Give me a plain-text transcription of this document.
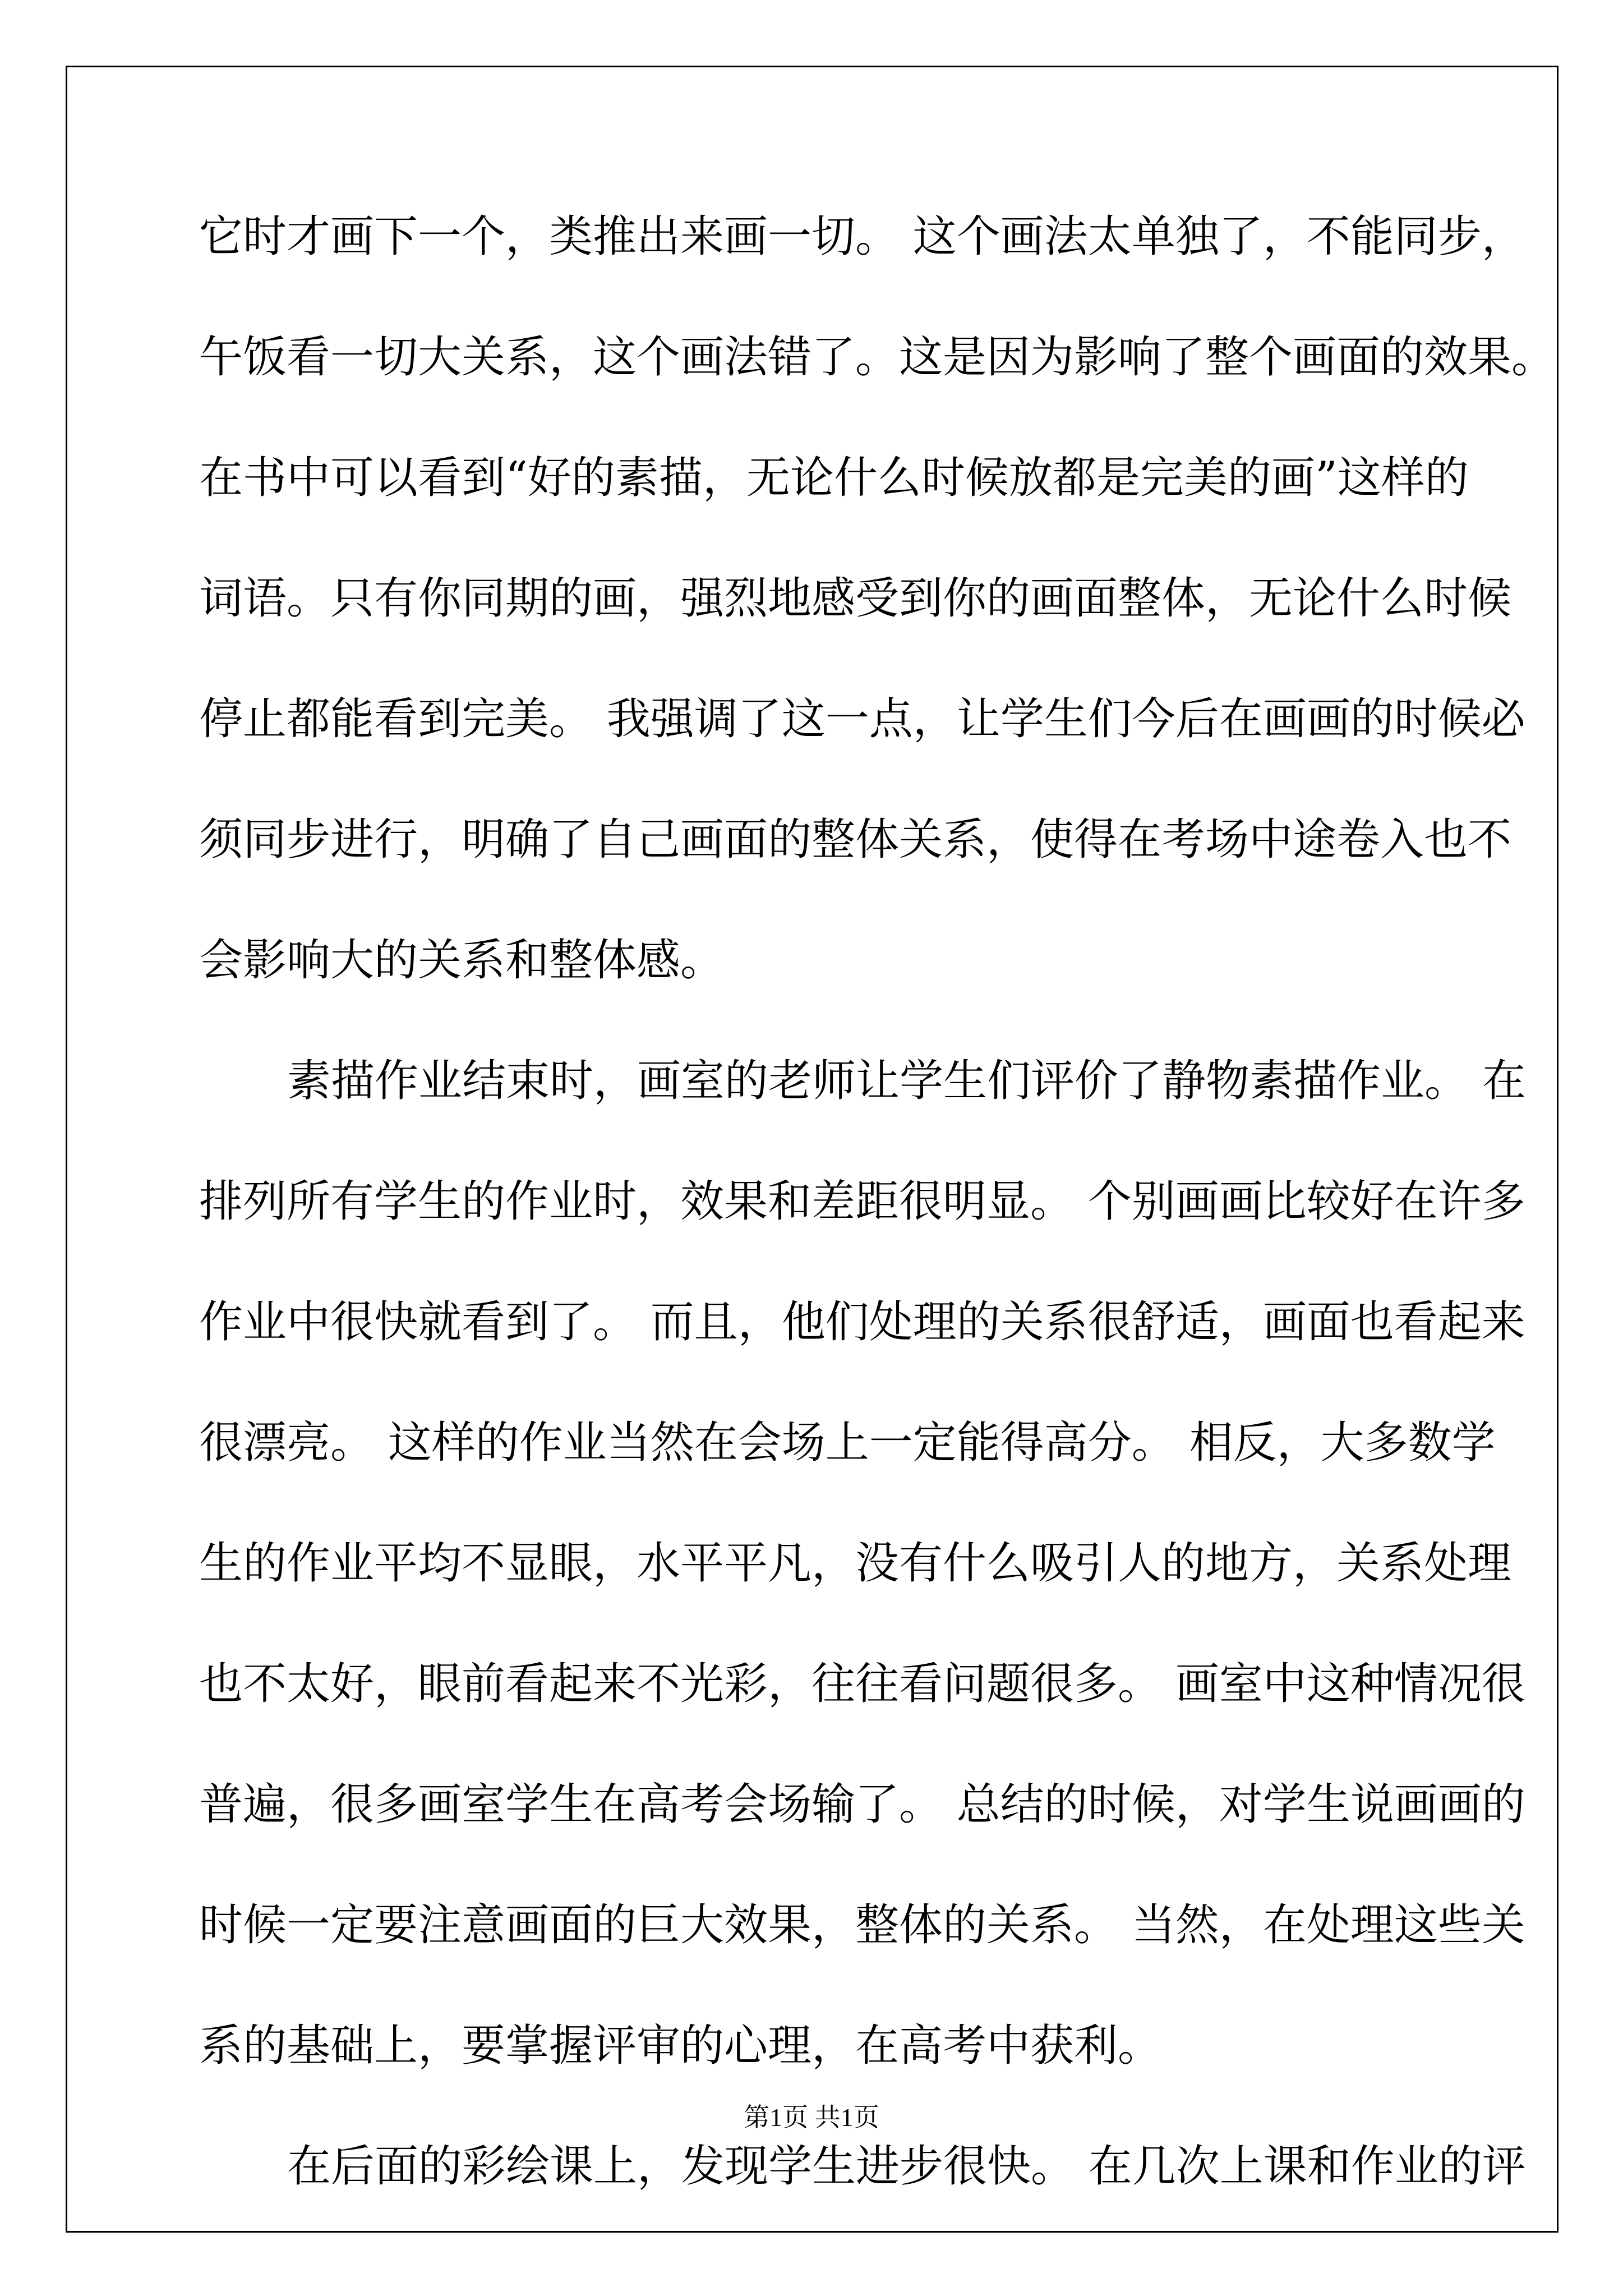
它时才画下一个，类推出来画一切。 这个画法太单独了，不能同步，

午饭看一切大关系，这个画法错了。这是因为影响了整个画面的效果。

在书中可以看到“好的素描，无论什么时候放都是完美的画”这样的

词语。只有你同期的画，强烈地感受到你的画面整体，无论什么时候

停止都能看到完美。 我强调了这一点，让学生们今后在画画的时候必

须同步进行，明确了自己画面的整体关系，使得在考场中途卷入也不

会影响大的关系和整体感。

素描作业结束时，画室的老师让学生们评价了静物素描作业。 在

排列所有学生的作业时，效果和差距很明显。 个别画画比较好在许多

作业中很快就看到了。 而且，他们处理的关系很舒适，画面也看起来

很漂亮。 这样的作业当然在会场上一定能得高分。 相反，大多数学

生的作业平均不显眼，水平平凡，没有什么吸引人的地方，关系处理

也不太好，眼前看起来不光彩，往往看问题很多。 画室中这种情况很

普遍，很多画室学生在高考会场输了。 总结的时候，对学生说画画的

时候一定要注意画面的巨大效果，整体的关系。 当然，在处理这些关

系的基础上，要掌握评审的心理，在高考中获利。

在后面的彩绘课上，发现学生进步很快。 在几次上课和作业的评

第1页 共1页
